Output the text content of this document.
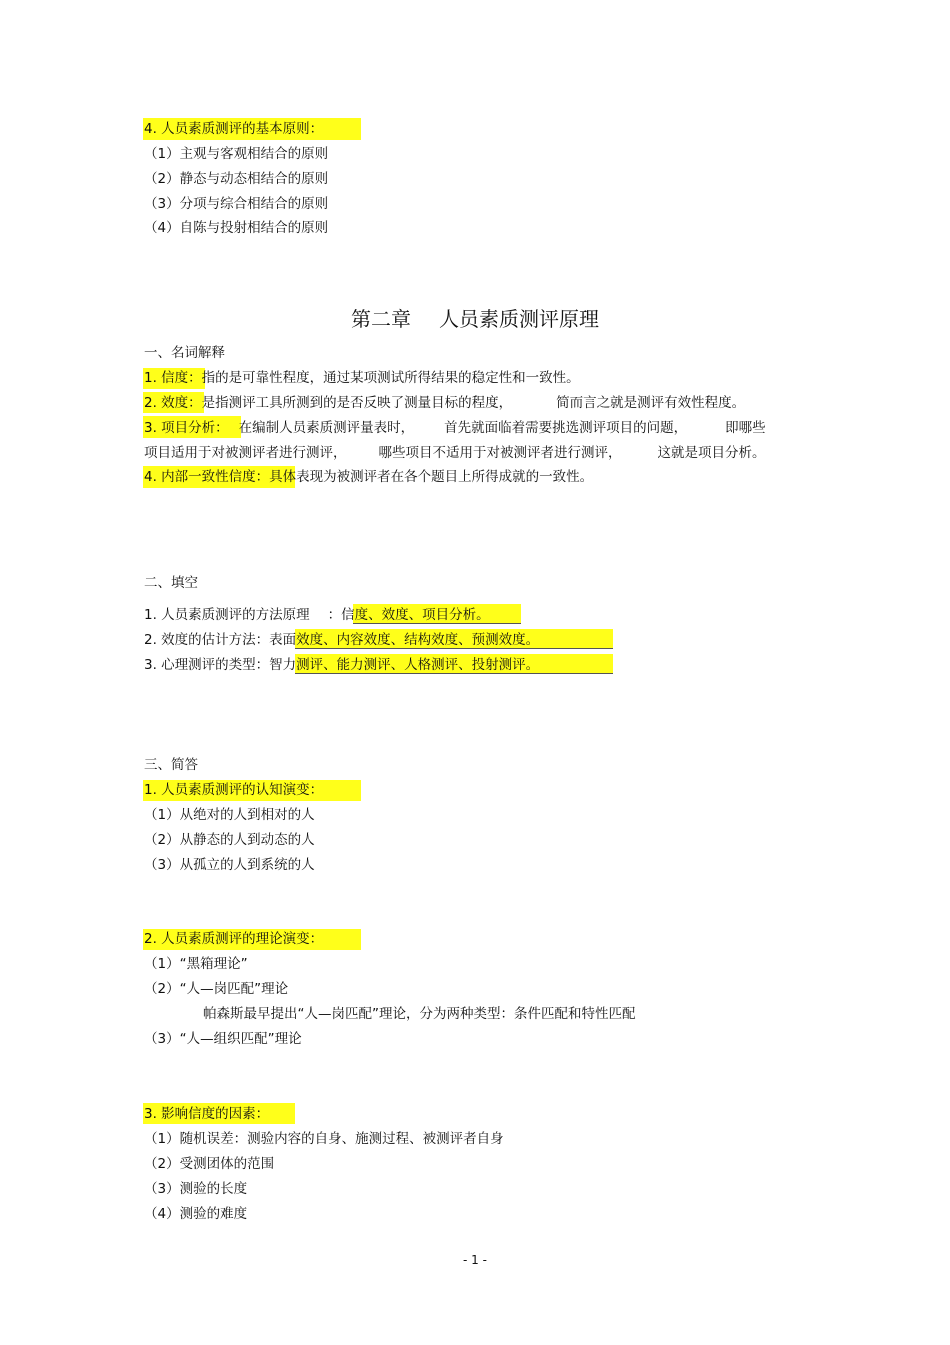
4. 人员素质测评的基本原则：
（1）主观与客观相结合的原则
（2）静态与动态相结合的原则
（3）分项与综合相结合的原则
（4）自陈与投射相结合的原则
第二章 人员素质测评原理
一、名词解释
1. 信度：指的是可靠性程度，通过某项测试所得结果的稳定性和一致性。
2. 效度：是指测评工具所测到的是否反映了测量目标的程度，	简而言之就是测评有效性程度。
3. 项目分析： 在编制人员素质测评量表时， 首先就面临着需要挑选测评项目的问题，	即哪些
项目适用于对被测评者进行测评， 哪些项目不适用于对被测评者进行测评，	这就是项目分析。
4. 内部一致性信度：具体表现为被测评者在各个题目上所得成就的一致性。
二、填空
1. 人员素质测评的方法原理 ：信度、效度、项目分析。
2. 效度的估计方法：表面效度、内容效度、结构效度、预测效度。
3. 心理测评的类型：智力测评、能力测评、人格测评、投射测评。
三、简答
1. 人员素质测评的认知演变：
（1）从绝对的人到相对的人
（2）从静态的人到动态的人
（3）从孤立的人到系统的人
2. 人员素质测评的理论演变：
（1）“黑箱理论”
（2）“人—岗匹配”理论
帕森斯最早提出“人—岗匹配”理论，分为两种类型：条件匹配和特性匹配
（3）“人—组织匹配”理论
3. 影响信度的因素：
（1）随机误差：测验内容的自身、施测过程、被测评者自身
（2）受测团体的范围
（3）测验的长度
（4）测验的难度
- 1 -
